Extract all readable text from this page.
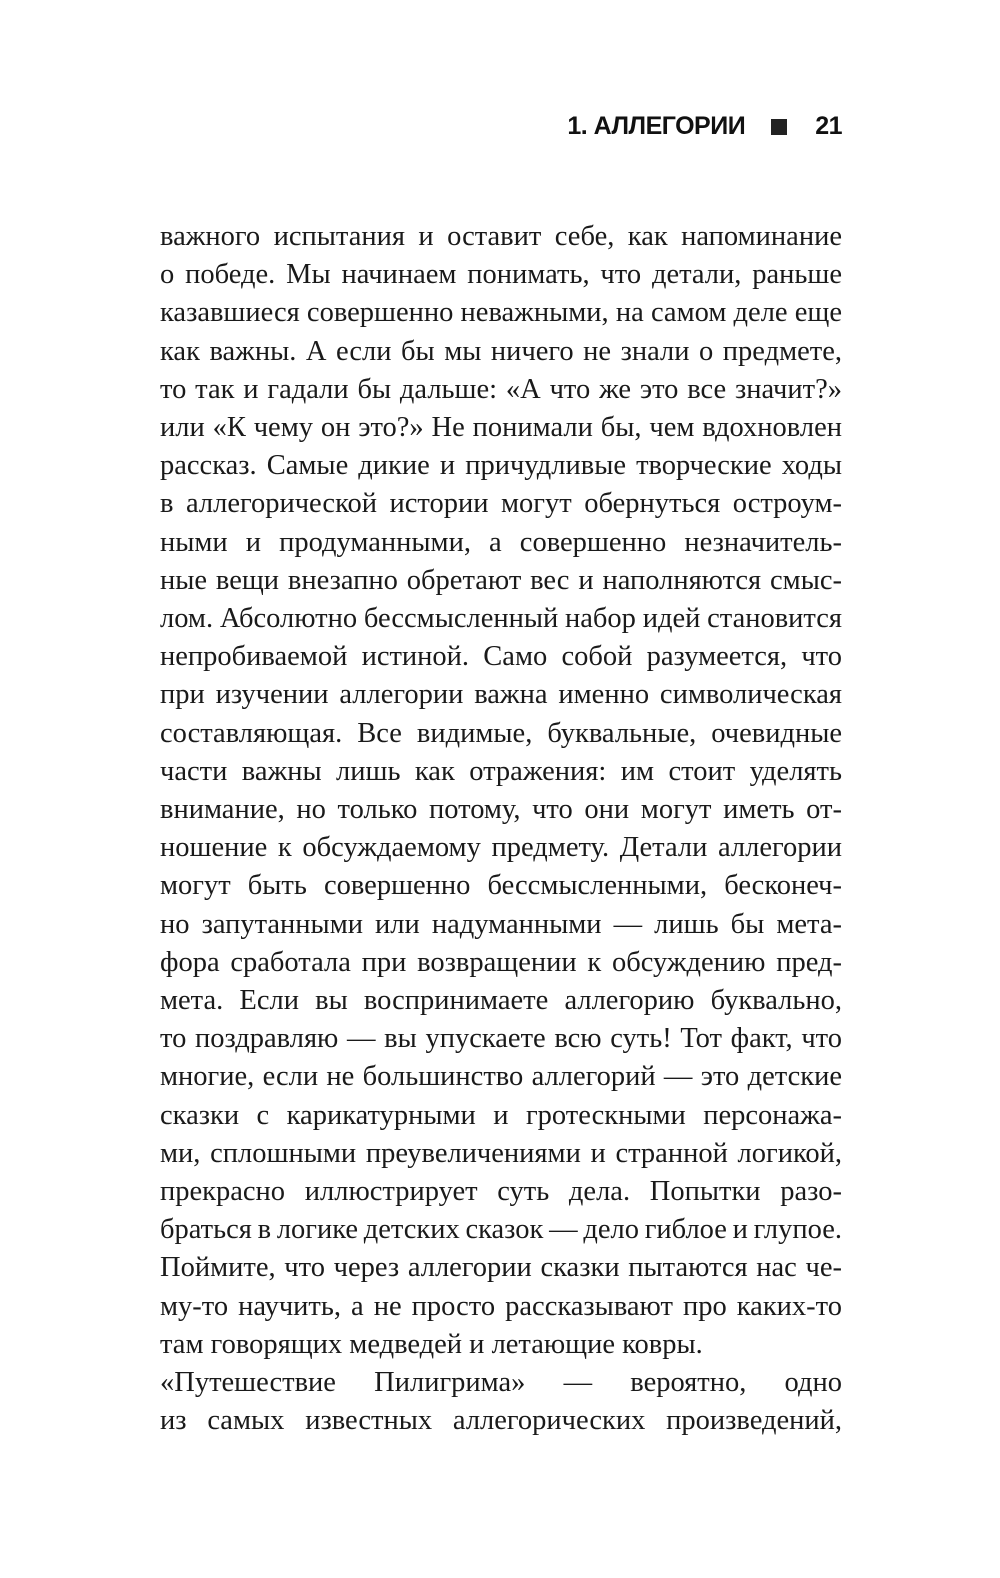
1. АЛЛЕГОРИИ	21
важного испытания и оставит себе, как напоминание
о победе. Мы начинаем понимать, что детали, раньше
казавшиеся совершенно неважными, на самом деле еще
как важны. А если бы мы ничего не знали о предмете,
то так и гадали бы дальше: «А что же это все значит?»
или «К чему он это?» Не понимали бы, чем вдохновлен
рассказ. Самые дикие и причудливые творческие ходы
в аллегорической истории могут обернуться остроум-
ными и продуманными, а совершенно незначитель-
ные вещи внезапно обретают вес и наполняются смыс-
лом. Абсолютно бессмысленный набор идей становится
непробиваемой истиной. Само собой разумеется, что
при изучении аллегории важна именно символическая
составляющая. Все видимые, буквальные, очевидные
части важны лишь как отражения: им стоит уделять
внимание, но только потому, что они могут иметь от-
ношение к обсуждаемому предмету. Детали аллегории
могут быть совершенно бессмысленными, бесконеч-
но запутанными или надуманными — лишь бы мета-
фора сработала при возвращении к обсуждению пред-
мета. Если вы воспринимаете аллегорию буквально,
то поздравляю — вы упускаете всю суть! Тот факт, что
многие, если не большинство аллегорий — это детские
сказки с карикатурными и гротескными персонажа-
ми, сплошными преувеличениями и странной логикой,
прекрасно иллюстрирует суть дела. Попытки разо-
браться в логике детских сказок — дело гиблое и глупое.
Поймите, что через аллегории сказки пытаются нас че-
му-то научить, а не просто рассказывают про каких-то
там говорящих медведей и летающие ковры.
«Путешествие Пилигрима» — вероятно, одно
из самых известных аллегорических произведений,
